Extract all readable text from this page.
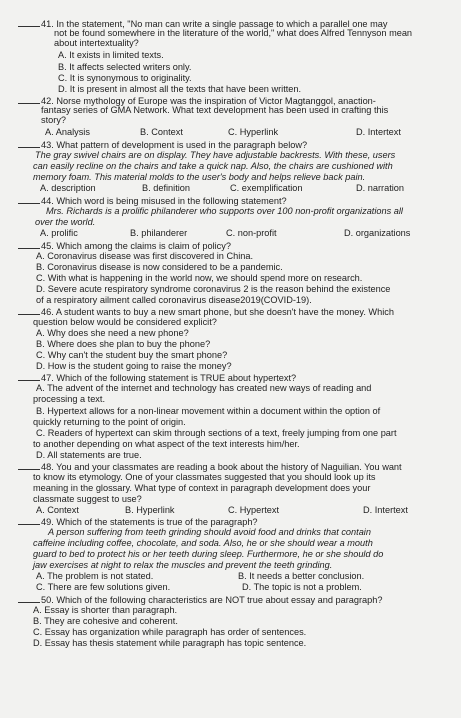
41. In the statement, "No man can write a single passage to which a parallel one may
not be found somewhere in the literature of the world," what does Alfred Tennyson mean
about intertextuality?
A. It exists in limited texts.
B. It affects selected writers only.
C. It is synonymous to originality.
D. It is present in almost all the texts that have been written.
42. Norse mythology of Europe was the inspiration of Victor Magtanggol, anaction-
fantasy series of GMA Network. What text development has been used in crafting this
story?
A. Analysis	B. Context	C. Hyperlink	D. Intertext
43. What pattern of development is used in the paragraph below?
The gray swivel chairs are on display. They have adjustable backrests. With these, users
can easily recline on the chairs and take a quick nap. Also, the chairs are cushioned with
memory foam. This material molds to the user's body and helps relieve back pain.
A. description	B. definition	C. exemplification	D. narration
44. Which word is being misused in the following statement?
Mrs. Richards is a prolific philanderer who supports over 100 non-profit organizations all
over the world.
A. prolific	B. philanderer	C. non-profit	D. organizations
45. Which among the claims is claim of policy?
A. Coronavirus disease was first discovered in China.
B. Coronavirus disease is now considered to be a pandemic.
C. With what is happening in the world now, we should spend more on research.
D. Severe acute respiratory syndrome coronavirus 2 is the reason behind the existence
of a respiratory ailment called coronavirus disease2019(COVID-19).
46. A student wants to buy a new smart phone, but she doesn't have the money. Which
question below would be considered explicit?
A. Why does she need a new phone?
B. Where does she plan to buy the phone?
C. Why can't the student buy the smart phone?
D. How is the student going to raise the money?
47. Which of the following statement is TRUE about hypertext?
A. The advent of the internet and technology has created new ways of reading and
processing a text.
B. Hypertext allows for a non-linear movement within a document within the option of
quickly returning to the point of origin.
C. Readers of hypertext can skim through sections of a text, freely jumping from one part
to another depending on what aspect of the text interests him/her.
D. All statements are true.
48. You and your classmates are reading a book about the history of Naguilian. You want
to know its etymology. One of your classmates suggested that you should look up its
meaning in the glossary. What type of context in paragraph development does your
classmate suggest to use?
A. Context	B. Hyperlink	C. Hypertext	D. Intertext
49. Which of the statements is true of the paragraph?
A person suffering from teeth grinding should avoid food and drinks that contain
caffeine including coffee, chocolate, and soda. Also, he or she should wear a mouth
guard to bed to protect his or her teeth during sleep. Furthermore, he or she should do
jaw exercises at night to relax the muscles and prevent the teeth grinding.
A. The problem is not stated.	B. It needs a better conclusion.
C. There are few solutions given.	D. The topic is not a problem.
50. Which of the following characteristics are NOT true about essay and paragraph?
A. Essay is shorter than paragraph.
B. They are cohesive and coherent.
C. Essay has organization while paragraph has order of sentences.
D. Essay has thesis statement while paragraph has topic sentence.
